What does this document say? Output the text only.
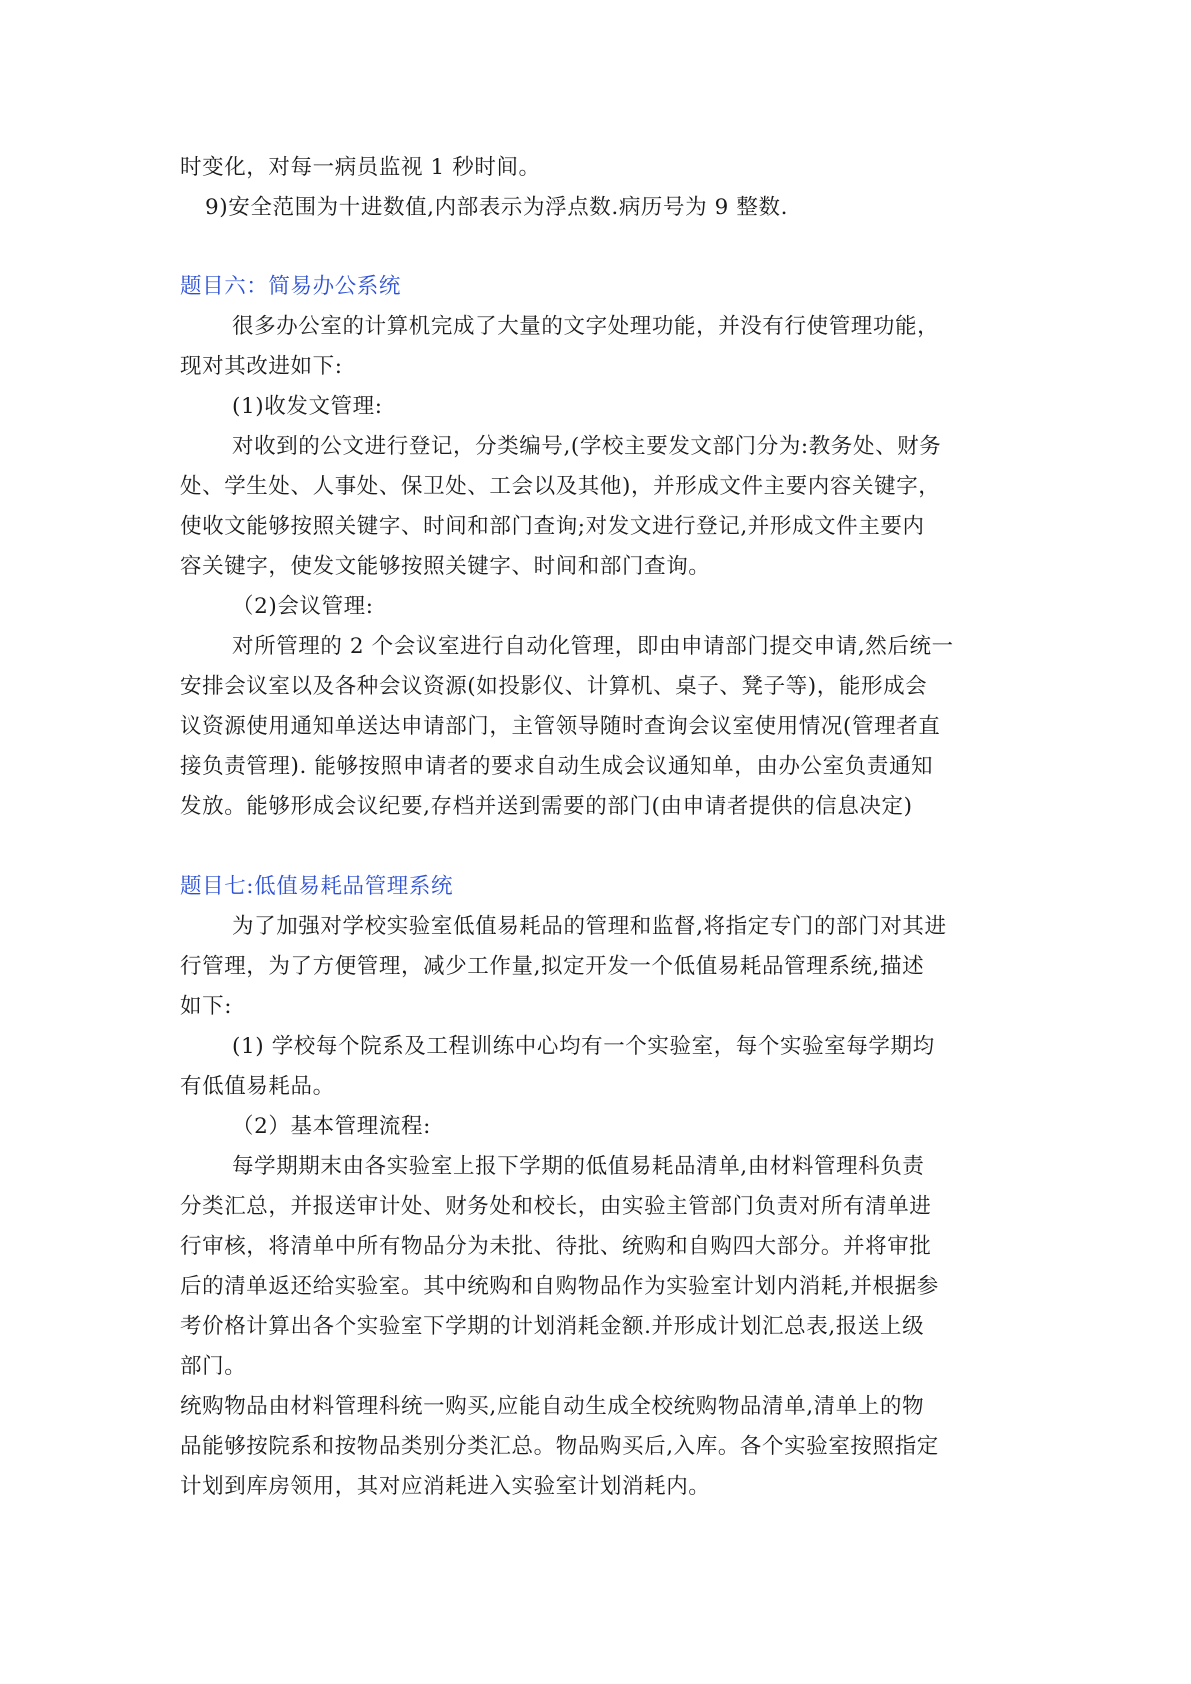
时变化，对每一病员监视 1 秒时间。
9)安全范围为十进数值,内部表示为浮点数.病历号为 9 整数.
题目六：简易办公系统
很多办公室的计算机完成了大量的文字处理功能，并没有行使管理功能，
现对其改进如下:
(1)收发文管理:
对收到的公文进行登记，分类编号,(学校主要发文部门分为:教务处、财务
处、学生处、人事处、保卫处、工会以及其他)，并形成文件主要内容关键字，
使收文能够按照关键字、时间和部门查询;对发文进行登记,并形成文件主要内
容关键字，使发文能够按照关键字、时间和部门查询。
（2)会议管理:
对所管理的 2 个会议室进行自动化管理，即由申请部门提交申请,然后统一
安排会议室以及各种会议资源(如投影仪、计算机、桌子、凳子等)，能形成会
议资源使用通知单送达申请部门，主管领导随时查询会议室使用情况(管理者直
接负责管理). 能够按照申请者的要求自动生成会议通知单，由办公室负责通知
发放。能够形成会议纪要,存档并送到需要的部门(由申请者提供的信息决定)
题目七:低值易耗品管理系统
为了加强对学校实验室低值易耗品的管理和监督,将指定专门的部门对其进
行管理，为了方便管理，减少工作量,拟定开发一个低值易耗品管理系统,描述
如下:
(1) 学校每个院系及工程训练中心均有一个实验室，每个实验室每学期均
有低值易耗品。
（2）基本管理流程:
每学期期末由各实验室上报下学期的低值易耗品清单,由材料管理科负责
分类汇总，并报送审计处、财务处和校长，由实验主管部门负责对所有清单进
行审核，将清单中所有物品分为未批、待批、统购和自购四大部分。并将审批
后的清单返还给实验室。其中统购和自购物品作为实验室计划内消耗,并根据参
考价格计算出各个实验室下学期的计划消耗金额.并形成计划汇总表,报送上级
部门。
统购物品由材料管理科统一购买,应能自动生成全校统购物品清单,清单上的物
品能够按院系和按物品类别分类汇总。物品购买后,入库。各个实验室按照指定
计划到库房领用，其对应消耗进入实验室计划消耗内。
